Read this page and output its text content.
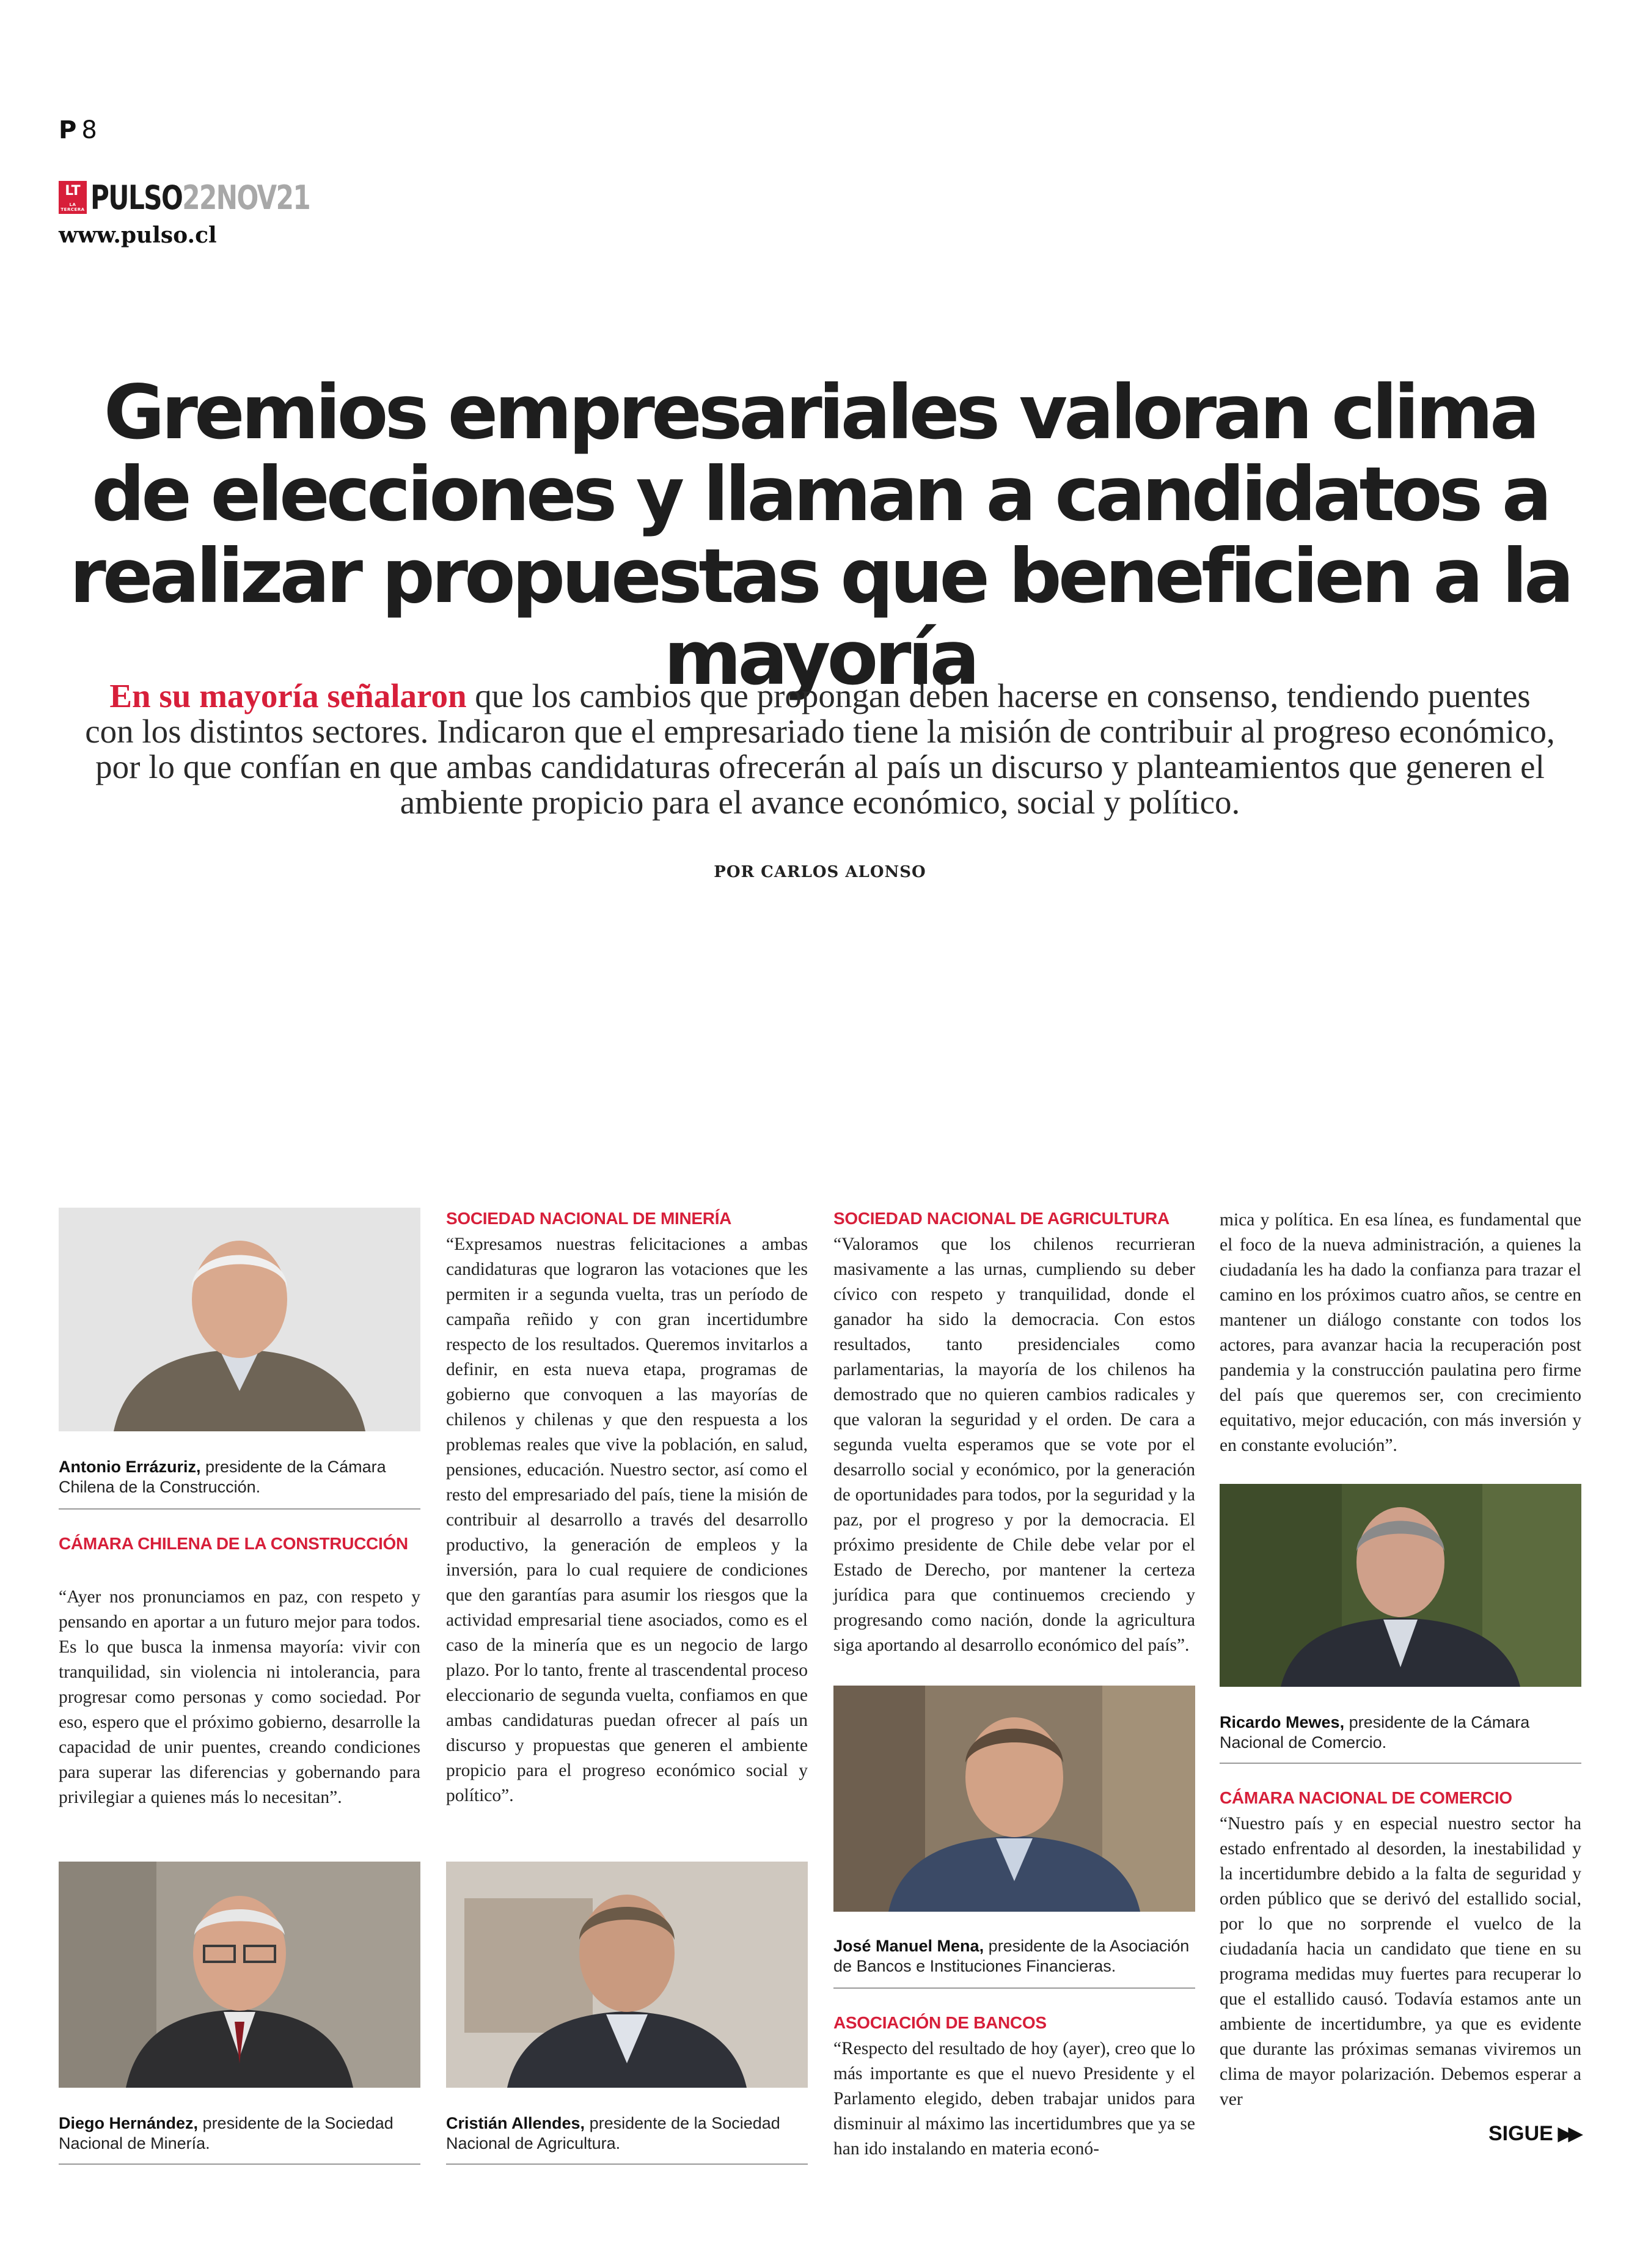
P 8
LT
LA TERCERA PULSO22NOV21
www.pulso.cl
Gremios empresariales valoran clima de elecciones y llaman a candidatos a realizar propuestas que beneficien a la mayoría

En su mayoría señalaron que los cambios que propongan deben hacerse en consenso, tendiendo puentes con los distintos sectores. Indicaron que el empresariado tiene la misión de contribuir al progreso económico, por lo que confían en que ambas candidaturas ofrecerán al país un discurso y planteamientos que generen el ambiente propicio para el avance económico, social y político.

POR CARLOS ALONSO
Antonio Errázuriz, presidente de la Cámara Chilena de la Construcción.
CÁMARA CHILENA DE LA CONSTRUCCIÓN

“Ayer nos pronunciamos en paz, con respeto y pensando en aportar a un futuro mejor para todos. Es lo que busca la inmensa mayoría: vivir con tranquilidad, sin violencia ni intolerancia, para progresar como personas y como sociedad. Por eso, espero que el próximo gobierno, desarrolle la capacidad de unir puentes, creando condiciones para superar las diferencias y gobernando para privilegiar a quienes más lo necesitan”.

Diego Hernández, presidente de la Sociedad Nacional de Minería.
SOCIEDAD NACIONAL DE MINERÍA

“Expresamos nuestras felicitaciones a ambas candidaturas que lograron las votaciones que les permiten ir a segunda vuelta, tras un período de campaña reñido y con gran incertidumbre respecto de los resultados. Queremos invitarlos a definir, en esta nueva etapa, programas de gobierno que convoquen a las mayorías de chilenos y chilenas y que den respuesta a los problemas reales que vive la población, en salud, pensiones, educación. Nuestro sector, así como el resto del empresariado del país, tiene la misión de contribuir al desarrollo a través del desarrollo productivo, la generación de empleos y la inversión, para lo cual requiere de condiciones que den garantías para asumir los riesgos que la actividad empresarial tiene asociados, como es el caso de la minería que es un negocio de largo plazo. Por lo tanto, frente al trascendental proceso eleccionario de segunda vuelta, confiamos en que ambas candidaturas puedan ofrecer al país un discurso y propuestas que generen el ambiente propicio para el progreso económico social y político”.

Cristián Allendes, presidente de la Sociedad Nacional de Agricultura.
SOCIEDAD NACIONAL DE AGRICULTURA

“Valoramos que los chilenos recurrieran masivamente a las urnas, cumpliendo su deber cívico con respeto y tranquilidad, donde el ganador ha sido la democracia. Con estos resultados, tanto presidenciales como parlamentarias, la mayoría de los chilenos ha demostrado que no quieren cambios radicales y que valoran la seguridad y el orden. De cara a segunda vuelta esperamos que se vote por el desarrollo social y económico, por la generación de oportunidades para todos, por la seguridad y la paz, por el progreso y por la democracia. El próximo presidente de Chile debe velar por el Estado de Derecho, por mantener la certeza jurídica para que continuemos creciendo y progresando como nación, donde la agricultura siga aportando al desarrollo económico del país”.

José Manuel Mena, presidente de la Asociación de Bancos e Instituciones Financieras.
ASOCIACIÓN DE BANCOS

“Respecto del resultado de hoy (ayer), creo que lo más importante es que el nuevo Presidente y el Parlamento elegido, deben trabajar unidos para disminuir al máximo las incertidumbres que ya se han ido instalando en materia econó-

mica y política. En esa línea, es fundamental que el foco de la nueva administración, a quienes la ciudadanía les ha dado la confianza para trazar el camino en los próximos cuatro años, se centre en mantener un diálogo constante con todos los actores, para avanzar hacia la recuperación post pandemia y la construcción paulatina pero firme del país que queremos ser, con crecimiento equitativo, mejor educación, con más inversión y en constante evolución”.

Ricardo Mewes, presidente de la Cámara Nacional de Comercio.
CÁMARA NACIONAL DE COMERCIO

“Nuestro país y en especial nuestro sector ha estado enfrentado al desorden, la inestabilidad y la incertidumbre debido a la falta de seguridad y orden público que se derivó del estallido social, por lo que no sorprende el vuelco de la ciudadanía hacia un candidato que tiene en su programa medidas muy fuertes para recuperar lo que el estallido causó. Todavía estamos ante un ambiente de incertidumbre, ya que es evidente que durante las próximas semanas viviremos un clima de mayor polarización. Debemos esperar a ver

SIGUE ▶▶
